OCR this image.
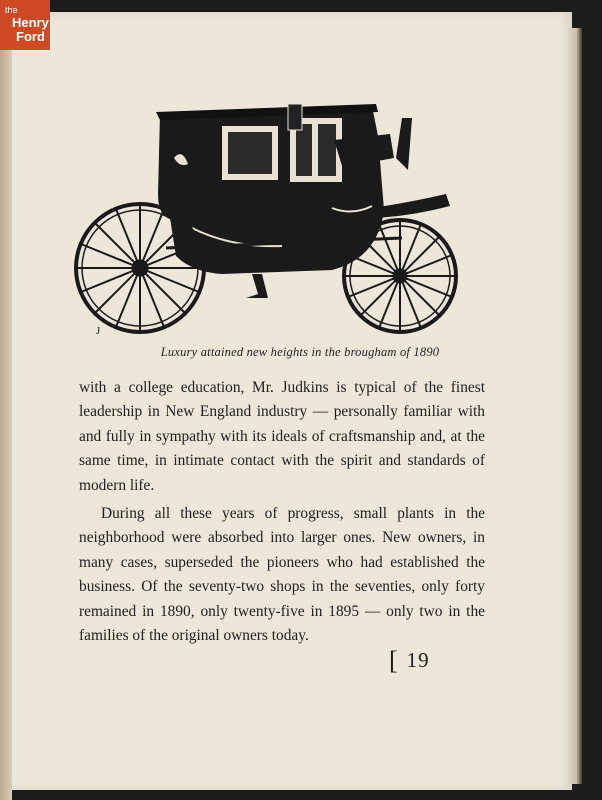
the
Henry
Ford
J
Luxury attained new heights in the brougham of 1890

with a college education, Mr. Judkins is typical of the finest leadership in New England industry — personally familiar with and fully in sympathy with its ideals of craftsmanship and, at the same time, in intimate contact with the spirit and standards of modern life.

During all these years of progress, small plants in the neighborhood were absorbed into larger ones. New owners, in many cases, superseded the pioneers who had established the business. Of the seventy-two shops in the seventies, only forty remained in 1890, only twenty-five in 1895 — only two in the families of the original owners today.

[ 19
